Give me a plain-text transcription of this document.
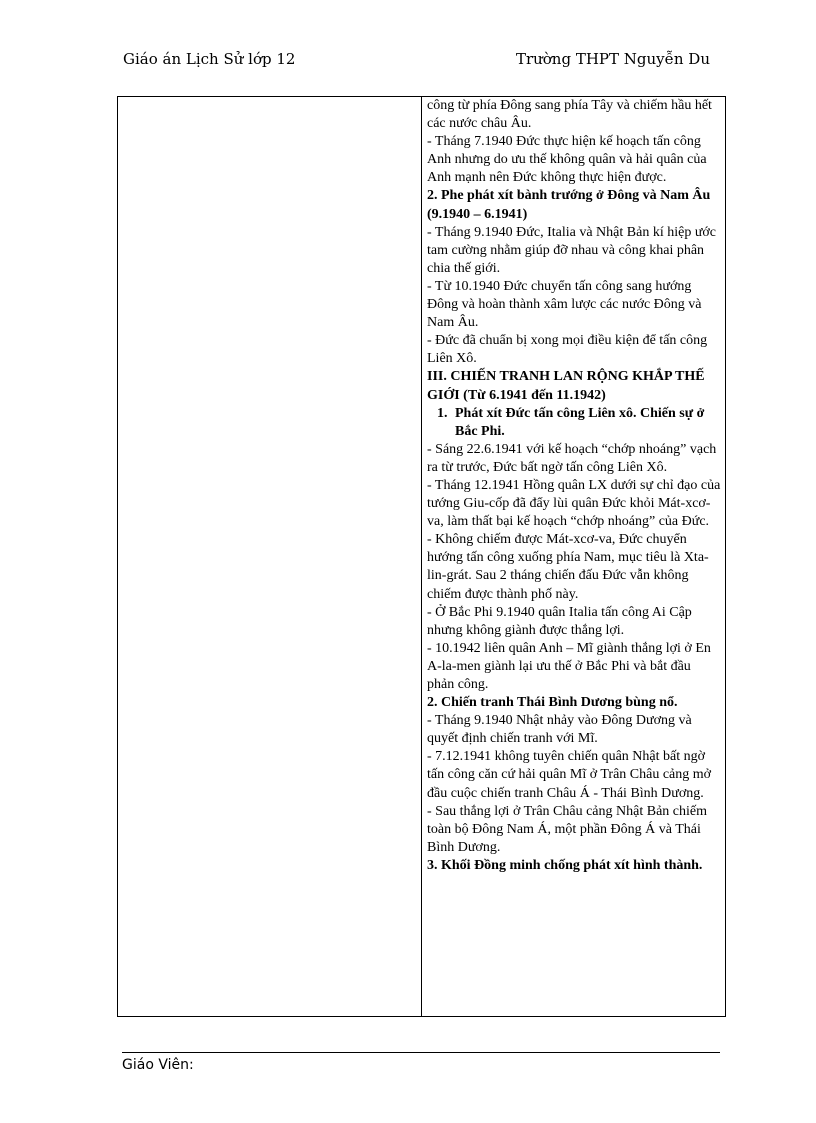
Giáo án Lịch Sử lớp 12	Trường THPT Nguyễn Du

công từ phía Đông sang phía Tây và chiếm hầu hết các nước châu Âu.

- Tháng 7.1940 Đức thực hiện kế hoạch tấn công Anh nhưng do ưu thế không quân và hải quân của Anh mạnh nên Đức không thực hiện được.

2. Phe phát xít bành trướng ở Đông và Nam Âu (9.1940 – 6.1941)

- Tháng 9.1940 Đức, Italia và Nhật Bản kí hiệp ước tam cường nhằm giúp đỡ nhau và công khai phân chia thế giới.

- Từ 10.1940 Đức chuyển tấn công sang hướng Đông và hoàn thành xâm lược các nước Đông và Nam Âu.

- Đức đã chuẩn bị xong mọi điều kiện để tấn công Liên Xô.

III. CHIẾN TRANH LAN RỘNG KHẮP THẾ GIỚI (Từ 6.1941 đến 11.1942)

1. Phát xít Đức tấn công Liên xô. Chiến sự ở Bắc Phi.

- Sáng 22.6.1941 với kế hoạch “chớp nhoáng” vạch ra từ trước, Đức bất ngờ tấn công Liên Xô.

- Tháng 12.1941 Hồng quân LX dưới sự chỉ đạo của tướng Giu-cốp đã đẩy lùi quân Đức khỏi Mát-xcơ-va, làm thất bại kế hoạch “chớp nhoáng” của Đức.

- Không chiếm được Mát-xcơ-va, Đức chuyển hướng tấn công xuống phía Nam, mục tiêu là Xta-lin-grát. Sau 2 tháng chiến đấu Đức vẫn không chiếm được thành phố này.

- Ở Bắc Phi 9.1940 quân Italia tấn công Ai Cập nhưng không giành được thắng lợi.

- 10.1942 liên quân Anh – Mĩ giành thắng lợi ở En A-la-men giành lại ưu thế ở Bắc Phi và bắt đầu phản công.

2. Chiến tranh Thái Bình Dương bùng nổ.

- Tháng 9.1940 Nhật nhảy vào Đông Dương và quyết định chiến tranh với Mĩ.

- 7.12.1941 không tuyên chiến quân Nhật bất ngờ tấn công căn cứ hải quân Mĩ ở Trân Châu cảng mở đầu cuộc chiến tranh Châu Á - Thái Bình Dương.

- Sau thắng lợi ở Trân Châu cảng Nhật Bản chiếm toàn bộ Đông Nam Á, một phần Đông Á và Thái Bình Dương.

3. Khối Đồng minh chống phát xít hình thành.

Giáo Viên:
